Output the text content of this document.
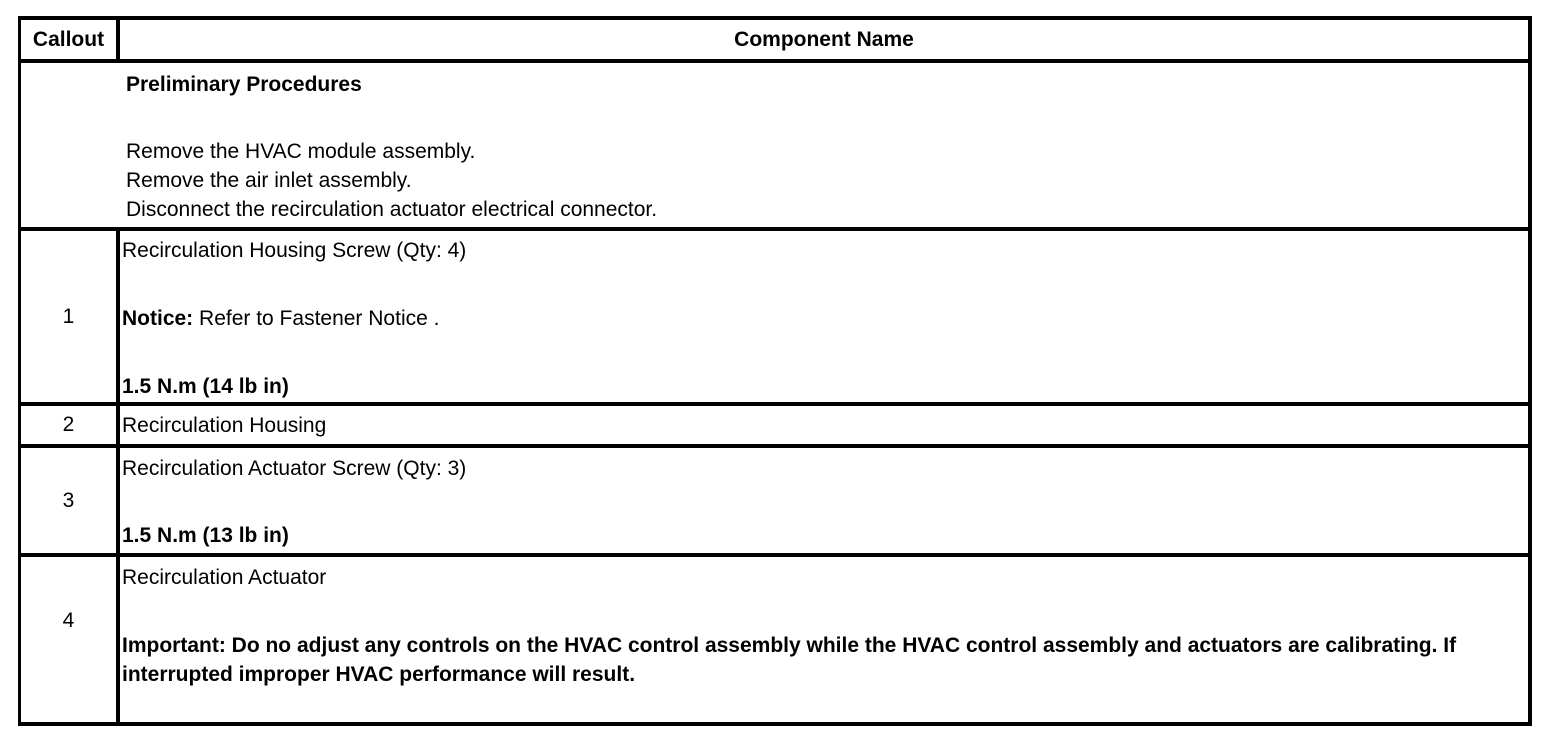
Callout	Component Name
Preliminary Procedures
Remove the HVAC module assembly.
Remove the air inlet assembly.
Disconnect the recirculation actuator electrical connector.
1
Recirculation Housing Screw (Qty: 4)
Notice: Refer to Fastener Notice .
1.5 N.m (14 lb in)
2	Recirculation Housing
3
Recirculation Actuator Screw (Qty: 3)
1.5 N.m (13 lb in)
4
Recirculation Actuator
Important: Do no adjust any controls on the HVAC control assembly while the HVAC control assembly and actuators are calibrating. If interrupted improper HVAC performance will result.
